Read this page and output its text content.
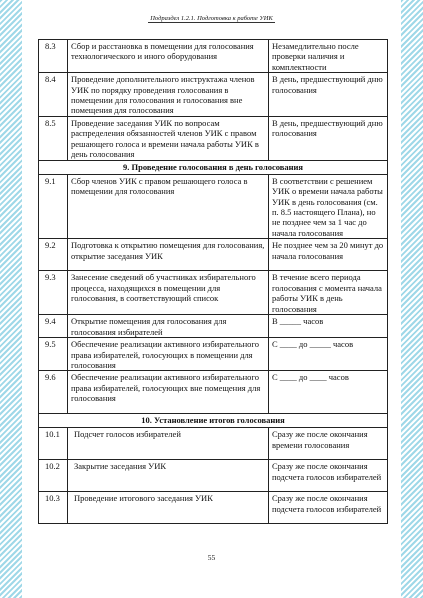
Подраздел 1.2.1. Подготовка к работе УИК
8.3	Сбор и расстановка в помещении для голосования технологического и иного оборудования	Незамедлительно после проверки наличия и комплектности
8.4	Проведение дополнительного инструктажа членов УИК по порядку проведения голосования в помещении для голосования и голосования вне помещения для голосования	В день, предшествующий дню голосования
8.5	Проведение заседания УИК по вопросам распределения обязанностей членов УИК с правом решающего голоса и времени начала работы УИК в день голосования	В день, предшествующий дню голосования
9. Проведение голосования в день голосования		
9.1	Сбор членов УИК с правом решающего голоса в помещении для голосования	В соответствии с решением УИК о времени начала работы УИК в день голосования (см. п. 8.5 настоящего Плана), но не позднее чем за 1 час до начала голосования
9.2	Подготовка к открытию помещения для голосования, открытие заседания УИК	Не позднее чем за 20 минут до начала голосования
9.3	Занесение сведений об участниках избирательного процесса, находящихся в помещении для голосования, в соответствующий список	В течение всего периода голосования с момента начала работы УИК в день голосования
9.4	Открытие помещения для голосования для голосования избирателей	В _____ часов
9.5	Обеспечение реализации активного избирательного права избирателей, голосующих в помещении для голосования	С ____ до _____ часов
9.6	Обеспечение реализации активного избирательного права избирателей, голосующих вне помещения для голосования	С ____ до ____ часов
10. Установление итогов голосования		
10.1	Подсчет голосов избирателей	Сразу же после окончания времени голосования
10.2	Закрытие заседания УИК	Сразу же после окончания подсчета голосов избирателей
10.3	Проведение итогового заседания УИК	Сразу же после окончания подсчета голосов избирателей
55
